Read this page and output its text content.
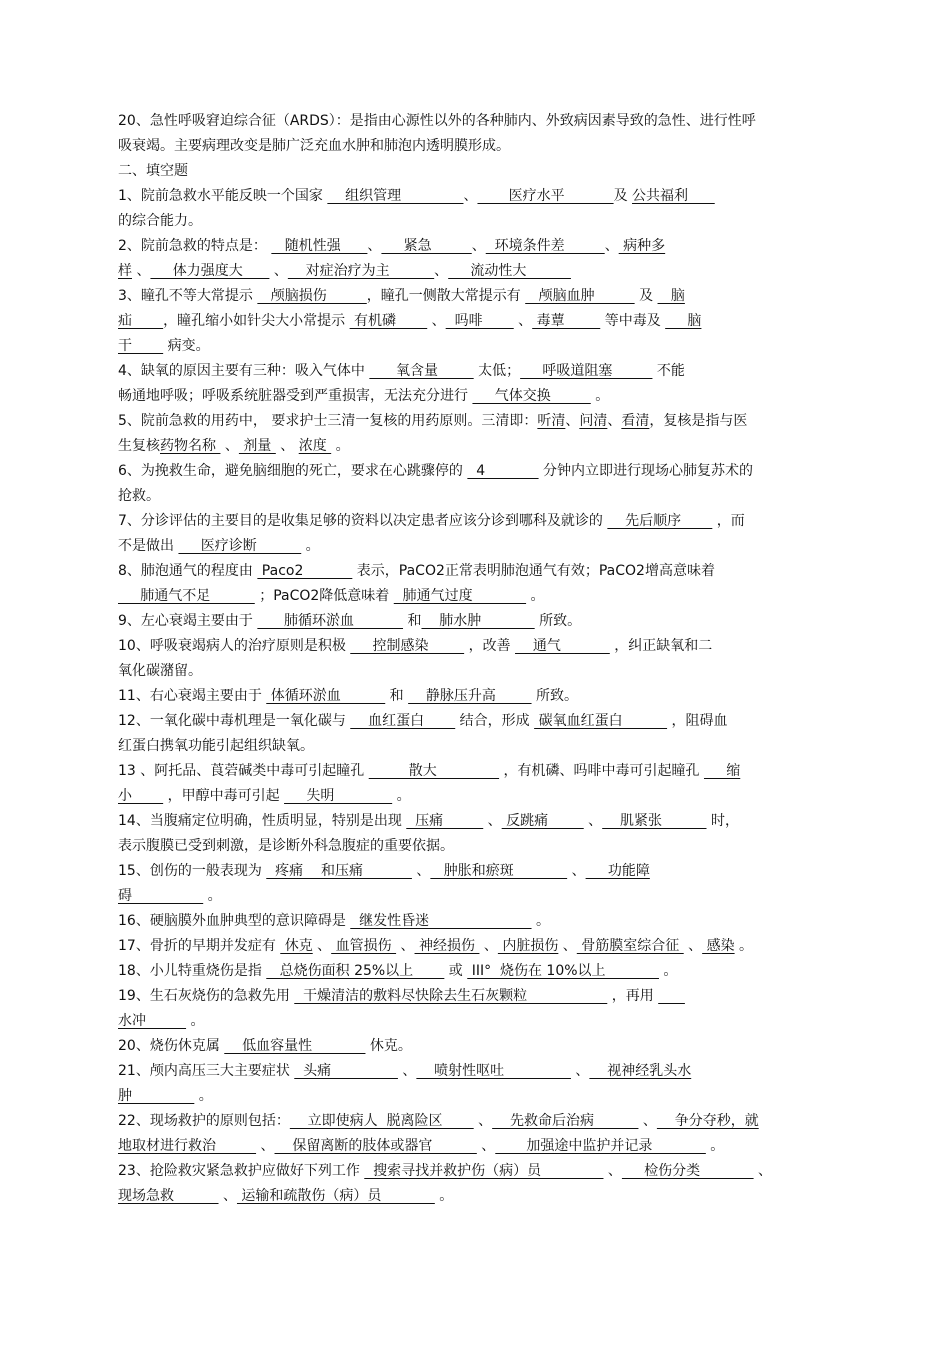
20、急性呼吸窘迫综合征（ARDS）：是指由心源性以外的各种肺内、外致病因素导致的急性、进行性呼

吸衰竭。主要病理改变是肺广泛充血水肿和肺泡内透明膜形成。

二、填空题

1、院前急救水平能反映一个国家     组织管理              、       医疗水平           及 公共福利

的综合能力。

2、院前急救的特点是：    随机性强      、     紧急         、  环境条件差         、 病种多

样 、     体力强度大       、    对症治疗为主          、     流动性大

3、瞳孔不等大常提示    颅脑损伤         ，瞳孔一侧散大常提示有    颅脑血肿          及    脑

疝       ，瞳孔缩小如针尖大小常提示  有机磷        、  吗啡        、 毒蕈         等中毒及      脑

干        病变。

4、缺氧的原因主要有三种：吸入气体中       氧含量         太低；     呼吸道阻塞          不能

畅通地呼吸；呼吸系统脏器受到严重损害，无法充分进行      气体交换          。

5、院前急救的用药中， 要求护士三清一复核的用药原则。三清即：听清、问清、看清，复核是指与医

生复核药物名称  、 剂量  、 浓度  。

6、为挽救生命，避免脑细胞的死亡，要求在心跳骤停的   4             分钟内立即进行现场心肺复苏术的

抢救。

7、分诊评估的主要目的是收集足够的资料以决定患者应该分诊到哪科及就诊的     先后顺序        ，而

不是做出      医疗诊断           。

8、肺泡通气的程度由  Paco2            表示，PaCO2正常表明肺泡通气有效；PaCO2增高意味着

肺通气不足           ；PaCO2降低意味着   肺通气过度             。

9、左心衰竭主要由于       肺循环淤血            和    肺水肿             所致。

10、呼吸衰竭病人的治疗原则是积极      控制感染         ，改善     通气            ，纠正缺氧和二

氧化碳潴留。

11、右心衰竭主要由于  体循环淤血           和     静脉压升高         所致。

12、一氧化碳中毒机理是一氧化碳与     血红蛋白        结合，形成  碳氧血红蛋白           ，阻碍血

红蛋白携氧功能引起组织缺氧。

13 、阿托品、莨菪碱类中毒可引起瞳孔          散大               ，有机磷、吗啡中毒可引起瞳孔      缩

小        ，甲醇中毒可引起      失明              。

14、当腹痛定位明确，性质明显，特别是出现   压痛          、 反跳痛         、    肌紧张           时，

表示腹膜已受到刺激，是诊断外科急腹症的重要依据。

15、创伤的一般表现为   疼痛    和压痛            、   肿胀和瘀斑             、     功能障

碍                 。

16、硬脑膜外血肿典型的意识障碍是   继发性昏迷                        。

17、骨折的早期并发症有  休克 、 血管损伤  、 神经损伤  、 内脏损伤 、 骨筋膜室综合征  、 感染 。

18、小儿特重烧伤是指    总烧伤面积 25%以上        或  III°  烧伤在 10%以上             。

19、生石灰烧伤的急救先用   干燥清洁的敷料尽快除去生石灰颗粒                   ，再用

水冲          。

20、烧伤休克属     低血容量性             休克。

21、颅内高压三大主要症状   头痛                、    喷射性呕吐                、    视神经乳头水

肿               。

22、现场救护的原则包括：    立即使病人  脱离险区        、    先救命后治病           、    争分夺秒，就

地取材进行救治          、    保留离断的肢体或器官           、       加强途中监护并记录             。

23、抢险救灾紧急救护应做好下列工作   搜索寻找并救护伤（病）员               、     检伤分类             、

现场急救           、 运输和疏散伤（病）员             。
